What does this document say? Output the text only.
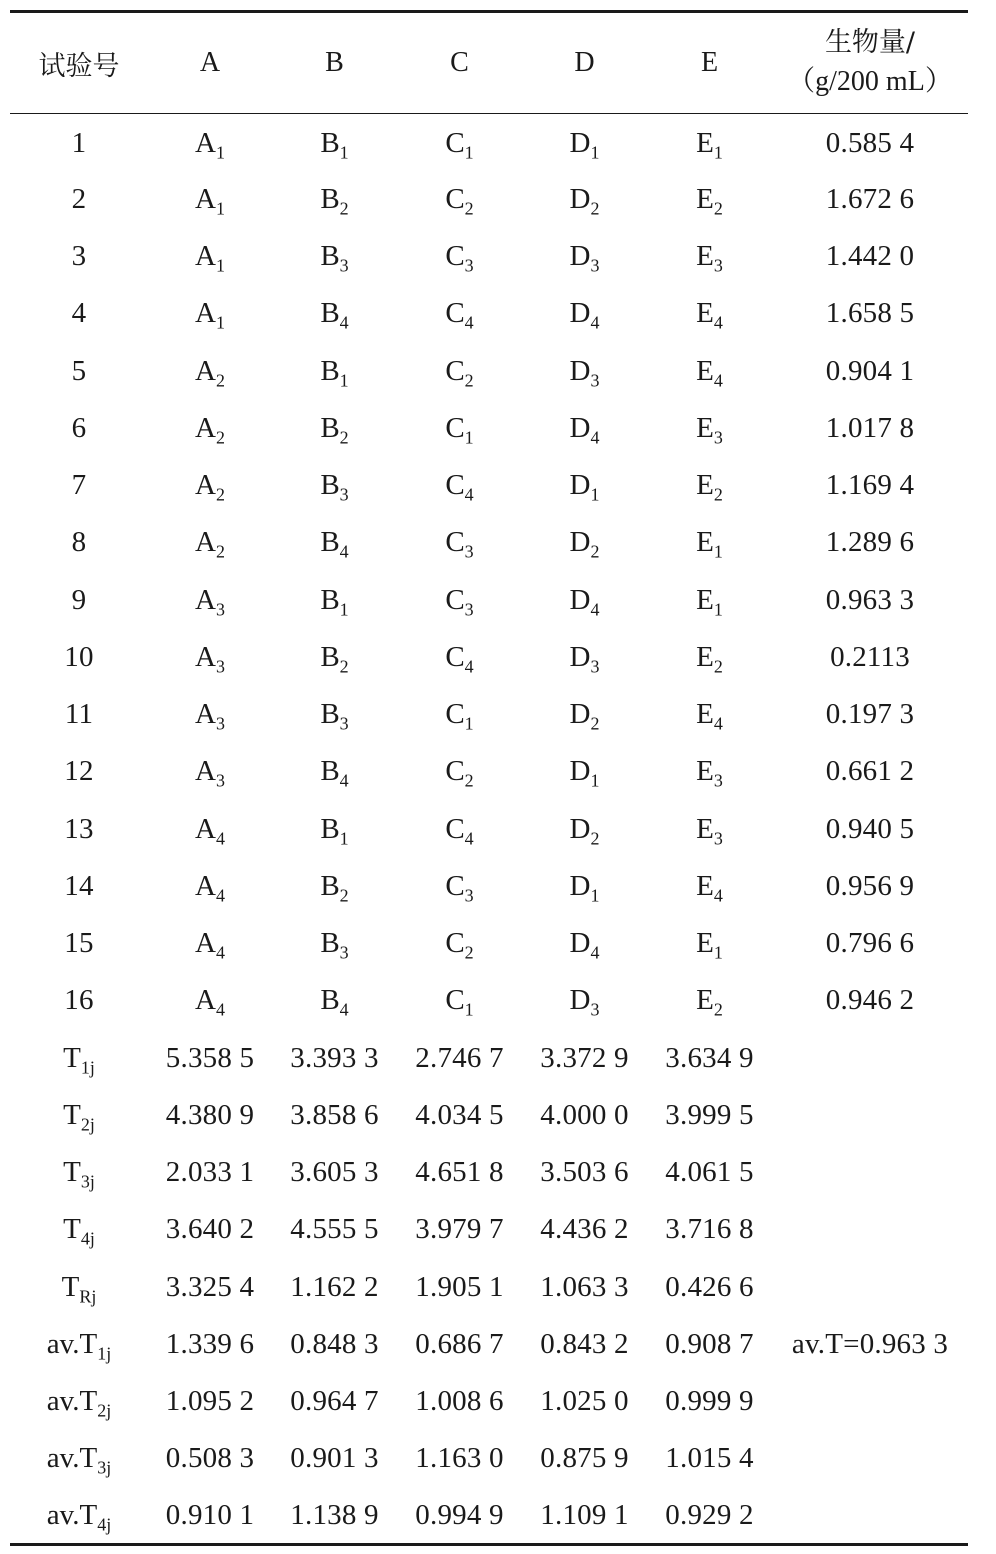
试验号	A	B	C	D	E	生物量/
（g/200 mL）

1	$A_1$	$B_1$	$C_1$	$D_1$	$E_1$	0.585 4
2	$A_1$	$B_2$	$C_2$	$D_2$	$E_2$	1.672 6
3	$A_1$	$B_3$	$C_3$	$D_3$	$E_3$	1.442 0
4	$A_1$	$B_4$	$C_4$	$D_4$	$E_4$	1.658 5
5	$A_2$	$B_1$	$C_2$	$D_3$	$E_4$	0.904 1
6	$A_2$	$B_2$	$C_1$	$D_4$	$E_3$	1.017 8
7	$A_2$	$B_3$	$C_4$	$D_1$	$E_2$	1.169 4
8	$A_2$	$B_4$	$C_3$	$D_2$	$E_1$	1.289 6
9	$A_3$	$B_1$	$C_3$	$D_4$	$E_1$	0.963 3
10	$A_3$	$B_2$	$C_4$	$D_3$	$E_2$	0.2113
11	$A_3$	$B_3$	$C_1$	$D_2$	$E_4$	0.197 3
12	$A_3$	$B_4$	$C_2$	$D_1$	$E_3$	0.661 2
13	$A_4$	$B_1$	$C_4$	$D_2$	$E_3$	0.940 5
14	$A_4$	$B_2$	$C_3$	$D_1$	$E_4$	0.956 9
15	$A_4$	$B_3$	$C_2$	$D_4$	$E_1$	0.796 6
16	$A_4$	$B_4$	$C_1$	$D_3$	$E_2$	0.946 2
$T_{1j}$	5.358 5	3.393 3	2.746 7	3.372 9	3.634 9	
$T_{2j}$	4.380 9	3.858 6	4.034 5	4.000 0	3.999 5	
$T_{3j}$	2.033 1	3.605 3	4.651 8	3.503 6	4.061 5	
$T_{4j}$	3.640 2	4.555 5	3.979 7	4.436 2	3.716 8	
$T_{Rj}$	3.325 4	1.162 2	1.905 1	1.063 3	0.426 6	
$av.T_{1j}$	1.339 6	0.848 3	0.686 7	0.843 2	0.908 7	av.T=0.963 3
$av.T_{2j}$	1.095 2	0.964 7	1.008 6	1.025 0	0.999 9	
$av.T_{3j}$	0.508 3	0.901 3	1.163 0	0.875 9	1.015 4	
$av.T_{4j}$	0.910 1	1.138 9	0.994 9	1.109 1	0.929 2	
